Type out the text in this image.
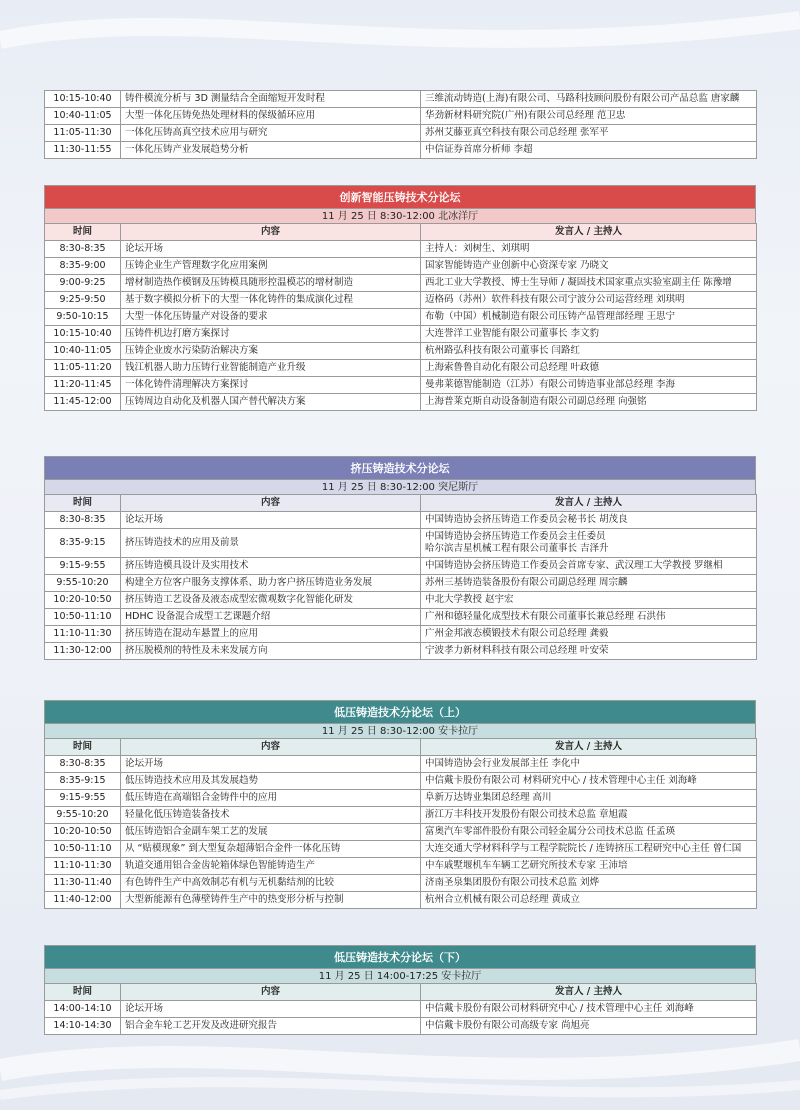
10:15-10:40	铸件模流分析与 3D 测量结合全面缩短开发时程	三维流动铸造(上海)有限公司、马路科技顾问股份有限公司产品总监 唐家麟
10:40-11:05	大型一体化压铸免热处理材料的保级循环应用	华劲新材料研究院(广州)有限公司总经理 范卫忠
11:05-11:30	一体化压铸高真空技术应用与研究	苏州艾藤亚真空科技有限公司总经理 张军平
11:30-11:55	一体化压铸产业发展趋势分析	中信证券首席分析师 李超
创新智能压铸技术分论坛
11 月 25 日 8:30-12:00 北冰洋厅
时间	内容	发言人 / 主持人
8:30-8:35	论坛开场	主持人：刘树生、刘琪明
8:35-9:00	压铸企业生产管理数字化应用案例	国家智能铸造产业创新中心资深专家 乃晓文
9:00-9:25	增材制造热作模钢及压铸模具随形控温模芯的增材制造	西北工业大学教授、博士生导师 / 凝固技术国家重点实验室副主任 陈豫增
9:25-9:50	基于数字模拟分析下的大型一体化铸件的集成演化过程	迈格码（苏州）软件科技有限公司宁波分公司运营经理 刘琪明
9:50-10:15	大型一体化压铸量产对设备的要求	布勒（中国）机械制造有限公司压铸产品管理部经理 王思宁
10:15-10:40	压铸件机边打磨方案探讨	大连誉洋工业智能有限公司董事长 李文豹
10:40-11:05	压铸企业废水污染防治解决方案	杭州路弘科技有限公司董事长 闫路红
11:05-11:20	钱江机器人助力压铸行业智能制造产业升级	上海索鲁鲁自动化有限公司总经理 叶政德
11:20-11:45	一体化铸件清理解决方案探讨	曼弗莱德智能制造（江苏）有限公司铸造事业部总经理 李海
11:45-12:00	压铸周边自动化及机器人国产替代解决方案	上海普莱克斯自动设备制造有限公司副总经理 向强铭
挤压铸造技术分论坛
11 月 25 日 8:30-12:00 突尼斯厅
时间	内容	发言人 / 主持人
8:30-8:35	论坛开场	中国铸造协会挤压铸造工作委员会秘书长 胡茂良
8:35-9:15	挤压铸造技术的应用及前景	中国铸造协会挤压铸造工作委员会主任委员
哈尔滨吉星机械工程有限公司董事长 吉泽升

9:15-9:55	挤压铸造模具设计及实用技术	中国铸造协会挤压铸造工作委员会首席专家、武汉理工大学教授 罗继相
9:55-10:20	构建全方位客户服务支撑体系、助力客户挤压铸造业务发展	苏州三基铸造装备股份有限公司副总经理 周宗麟
10:20-10:50	挤压铸造工艺设备及液态成型宏微观数字化智能化研发	中北大学教授 赵宇宏
10:50-11:10	HDHC 设备混合成型工艺课题介绍	广州和德轻量化成型技术有限公司董事长兼总经理 石洪伟
11:10-11:30	挤压铸造在混动车悬置上的应用	广州金邦液态模锻技术有限公司总经理 龚毅
11:30-12:00	挤压脱模剂的特性及未来发展方向	宁波孝力新材料科技有限公司总经理 叶安荣
低压铸造技术分论坛（上）
11 月 25 日 8:30-12:00 安卡拉厅
时间	内容	发言人 / 主持人
8:30-8:35	论坛开场	中国铸造协会行业发展部主任 李化中
8:35-9:15	低压铸造技术应用及其发展趋势	中信戴卡股份有限公司 材料研究中心 / 技术管理中心主任 刘海峰
9:15-9:55	低压铸造在高端铝合金铸件中的应用	阜新万达铸业集团总经理 高川
9:55-10:20	轻量化低压铸造装备技术	浙江万丰科技开发股份有限公司技术总监 章旭霞
10:20-10:50	低压铸造铝合金副车架工艺的发展	富奥汽车零部件股份有限公司轻金属分公司技术总监 任孟瑛
10:50-11:10	从 “贴模现象” 到大型复杂超薄铝合金件一体化压铸	大连交通大学材料科学与工程学院院长 / 连铸挤压工程研究中心主任 曾仁国
11:10-11:30	轨道交通用铝合金齿轮箱体绿色智能铸造生产	中车戚墅堰机车车辆工艺研究所技术专家 王沛培
11:30-11:40	有色铸件生产中高效制芯有机与无机黏结剂的比较	济南圣泉集团股份有限公司技术总监 刘烨
11:40-12:00	大型新能源有色薄壁铸件生产中的热变形分析与控制	杭州合立机械有限公司总经理 黄成立
低压铸造技术分论坛（下）
11 月 25 日 14:00-17:25 安卡拉厅
时间	内容	发言人 / 主持人
14:00-14:10	论坛开场	中信戴卡股份有限公司材料研究中心 / 技术管理中心主任 刘海峰
14:10-14:30	铝合金车轮工艺开发及改进研究报告	中信戴卡股份有限公司高级专家 尚旭亮
